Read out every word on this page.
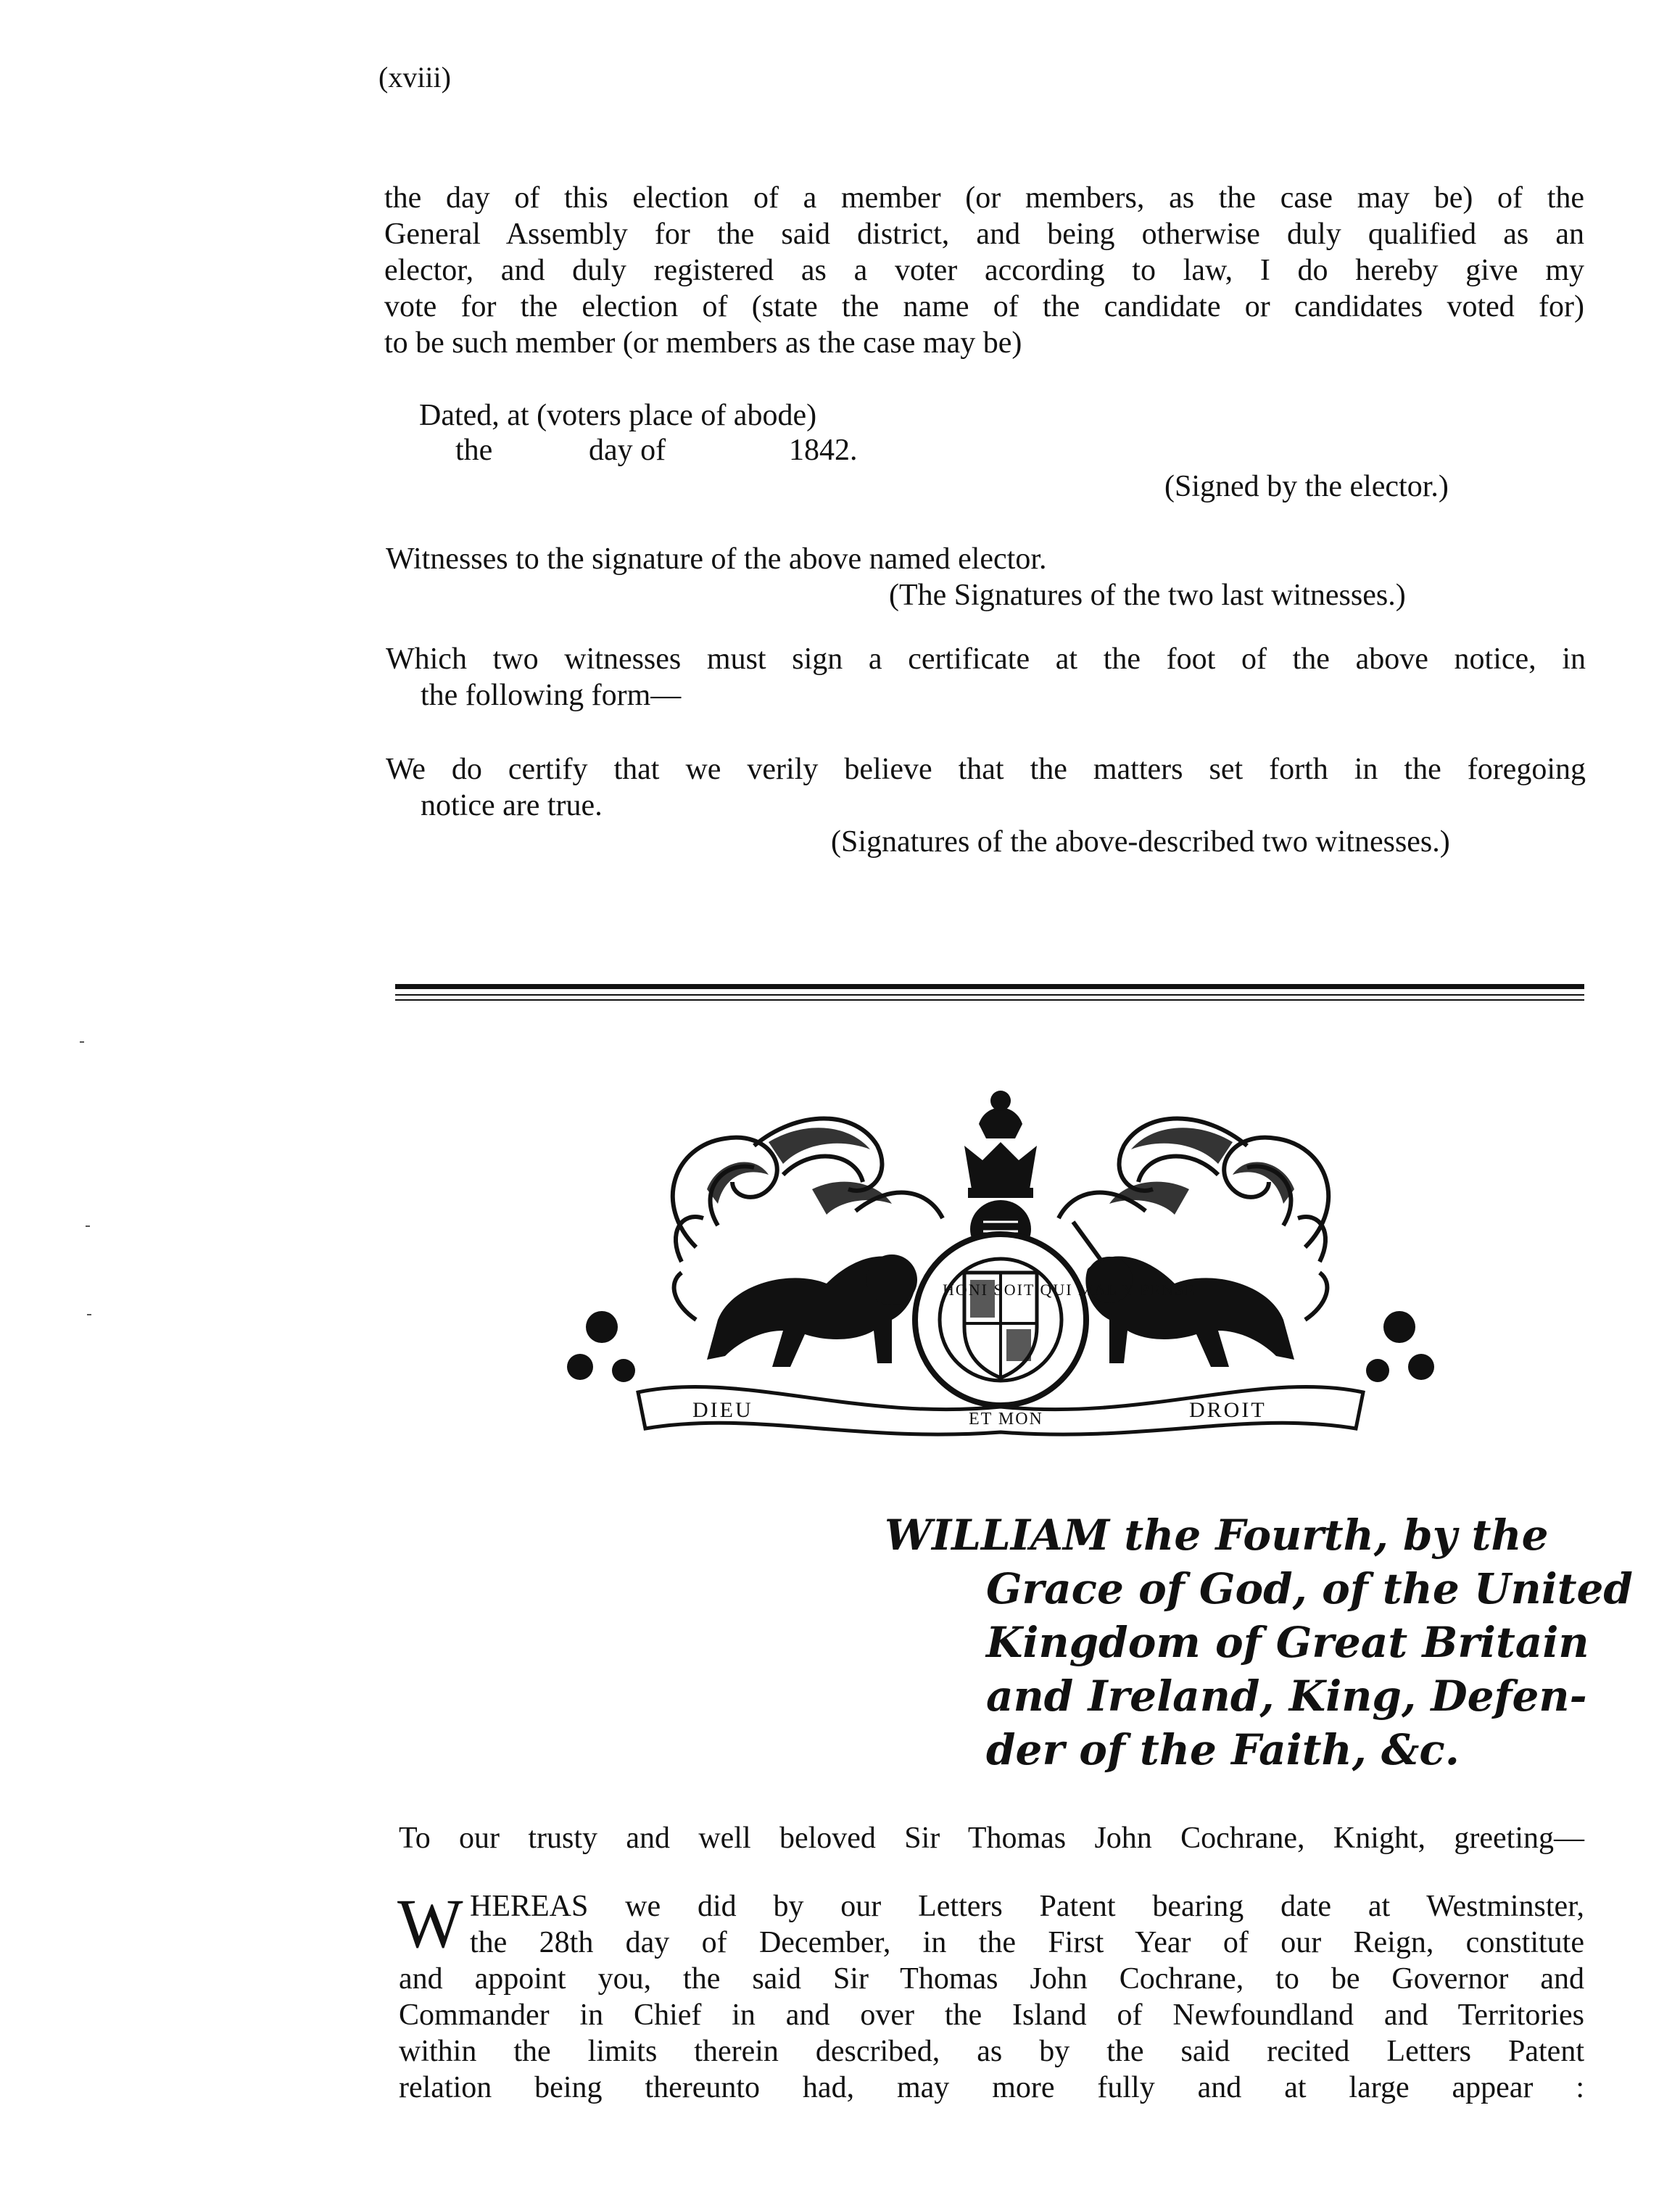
(xviii)
the day of this election of a member (or members, as the case may be) of the
General Assembly for the said district, and being otherwise duly qualified as an
elector, and duly registered as a voter according to law, I do hereby give my
vote for the election of (state the name of the candidate or candidates voted for)
to be such member (or members as the case may be)
Dated, at (voters place of abode)
the	day of	1842.
(Signed by the elector.)
Witnesses to the signature of the above named elector.
(The Signatures of the two last witnesses.)
Which two witnesses must sign a certificate at the foot of the above notice, in
the following form—
We do certify that we verily believe that the matters set forth in the foregoing
notice are true.
(Signatures of the above-described two witnesses.)
HONI SOIT QUI MAL Y PENSE
DIEU	ET MON	DROIT
WILLIAM the Fourth, by the
Grace of God, of the United
Kingdom of Great Britain
and Ireland, King, Defen-
der of the Faith, &c.
To our trusty and well beloved Sir Thomas John Cochrane, Knight, greeting—
W HEREAS we did by our Letters Patent bearing date at Westminster,
the 28th day of December, in the First Year of our Reign, constitute
and appoint you, the said Sir Thomas John Cochrane, to be Governor and
Commander in Chief in and over the Island of Newfoundland and Territories
within the limits therein described, as by the said recited Letters Patent
relation being thereunto had, may more fully and at large appear :
